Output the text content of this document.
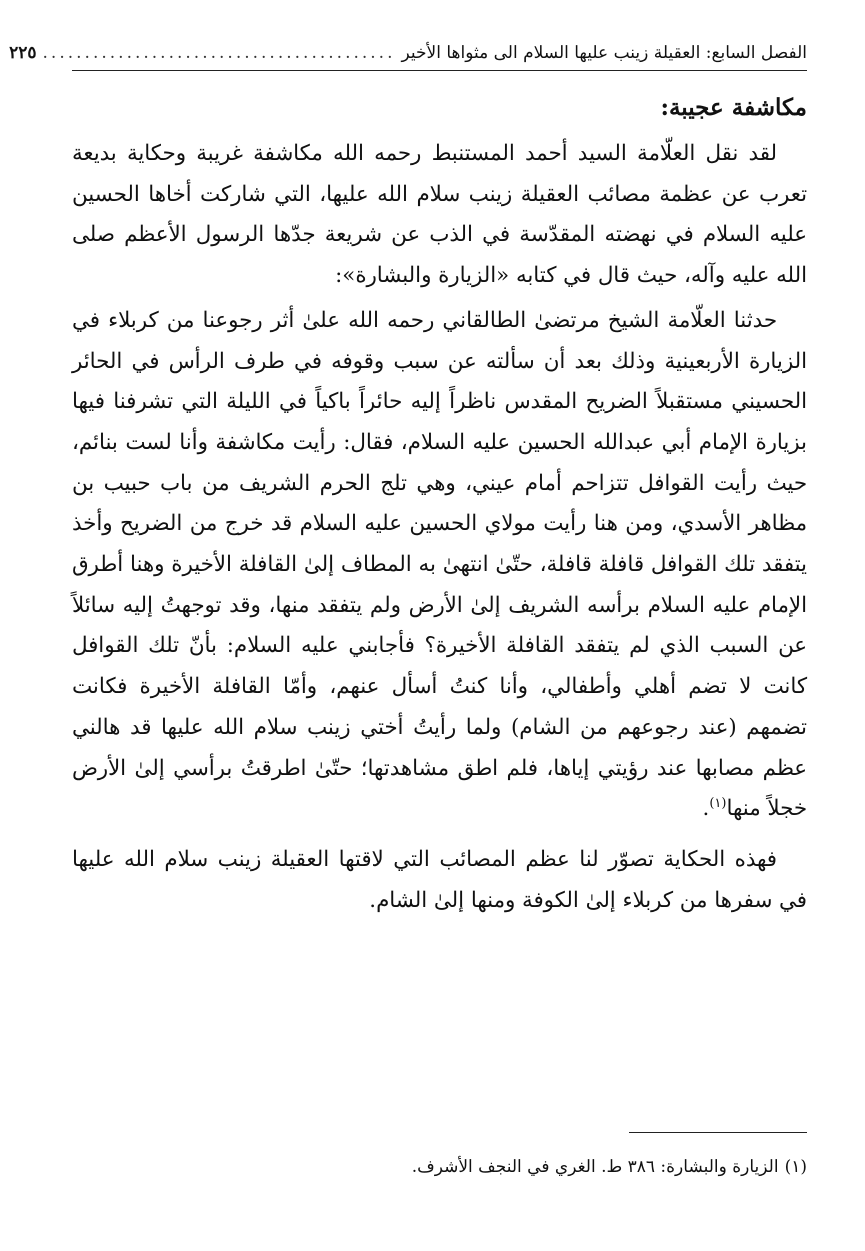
الفصل السابع: العقيلة زينب عليها السلام الى مثواها الأخير
..........................................
٢٢٥
مكاشفة عجيبة:

لقد نقل العلّامة السيد أحمد المستنبط رحمه الله مكاشفة غريبة وحكاية بديعة تعرب عن عظمة مصائب العقيلة زينب سلام الله عليها، التي شاركت أخاها الحسين عليه السلام في نهضته المقدّسة في الذب عن شريعة جدّها الرسول الأعظم صلى الله عليه وآله، حيث قال في كتابه «الزيارة والبشارة»:

حدثنا العلّامة الشيخ مرتضىٰ الطالقاني رحمه الله علىٰ أثر رجوعنا من كربلاء في الزيارة الأربعينية وذلك بعد أن سألته عن سبب وقوفه في طرف الرأس في الحائر الحسيني مستقبلاً الضريح المقدس ناظراً إليه حائراً باكياً في الليلة التي تشرفنا فيها بزيارة الإمام أبي عبدالله الحسين عليه السلام، فقال: رأيت مكاشفة وأنا لست بنائم، حيث رأيت القوافل تتزاحم أمام عيني، وهي تلج الحرم الشريف من باب حبيب بن مظاهر الأسدي، ومن هنا رأيت مولاي الحسين عليه السلام قد خرج من الضريح وأخذ يتفقد تلك القوافل قافلة قافلة، حتّىٰ انتهىٰ به المطاف إلىٰ القافلة الأخيرة وهنا أطرق الإمام عليه السلام برأسه الشريف إلىٰ الأرض ولم يتفقد منها، وقد توجهتُ إليه سائلاً عن السبب الذي لم يتفقد القافلة الأخيرة؟ فأجابني عليه السلام: بأنّ تلك القوافل كانت لا تضم أهلي وأطفالي، وأنا كنتُ أسأل عنهم، وأمّا القافلة الأخيرة فكانت تضمهم (عند رجوعهم من الشام) ولما رأيتُ أختي زينب سلام الله عليها قد هالني عظم مصابها عند رؤيتي إياها، فلم اطق مشاهدتها؛ حتّىٰ اطرقتُ برأسي إلىٰ الأرض خجلاً منها$^{(١)}$.

فهذه الحكاية تصوّر لنا عظم المصائب التي لاقتها العقيلة زينب سلام الله عليها في سفرها من كربلاء إلىٰ الكوفة ومنها إلىٰ الشام.

(١)الزيارة والبشارة: ٣٨٦ ط. الغري في النجف الأشرف.
